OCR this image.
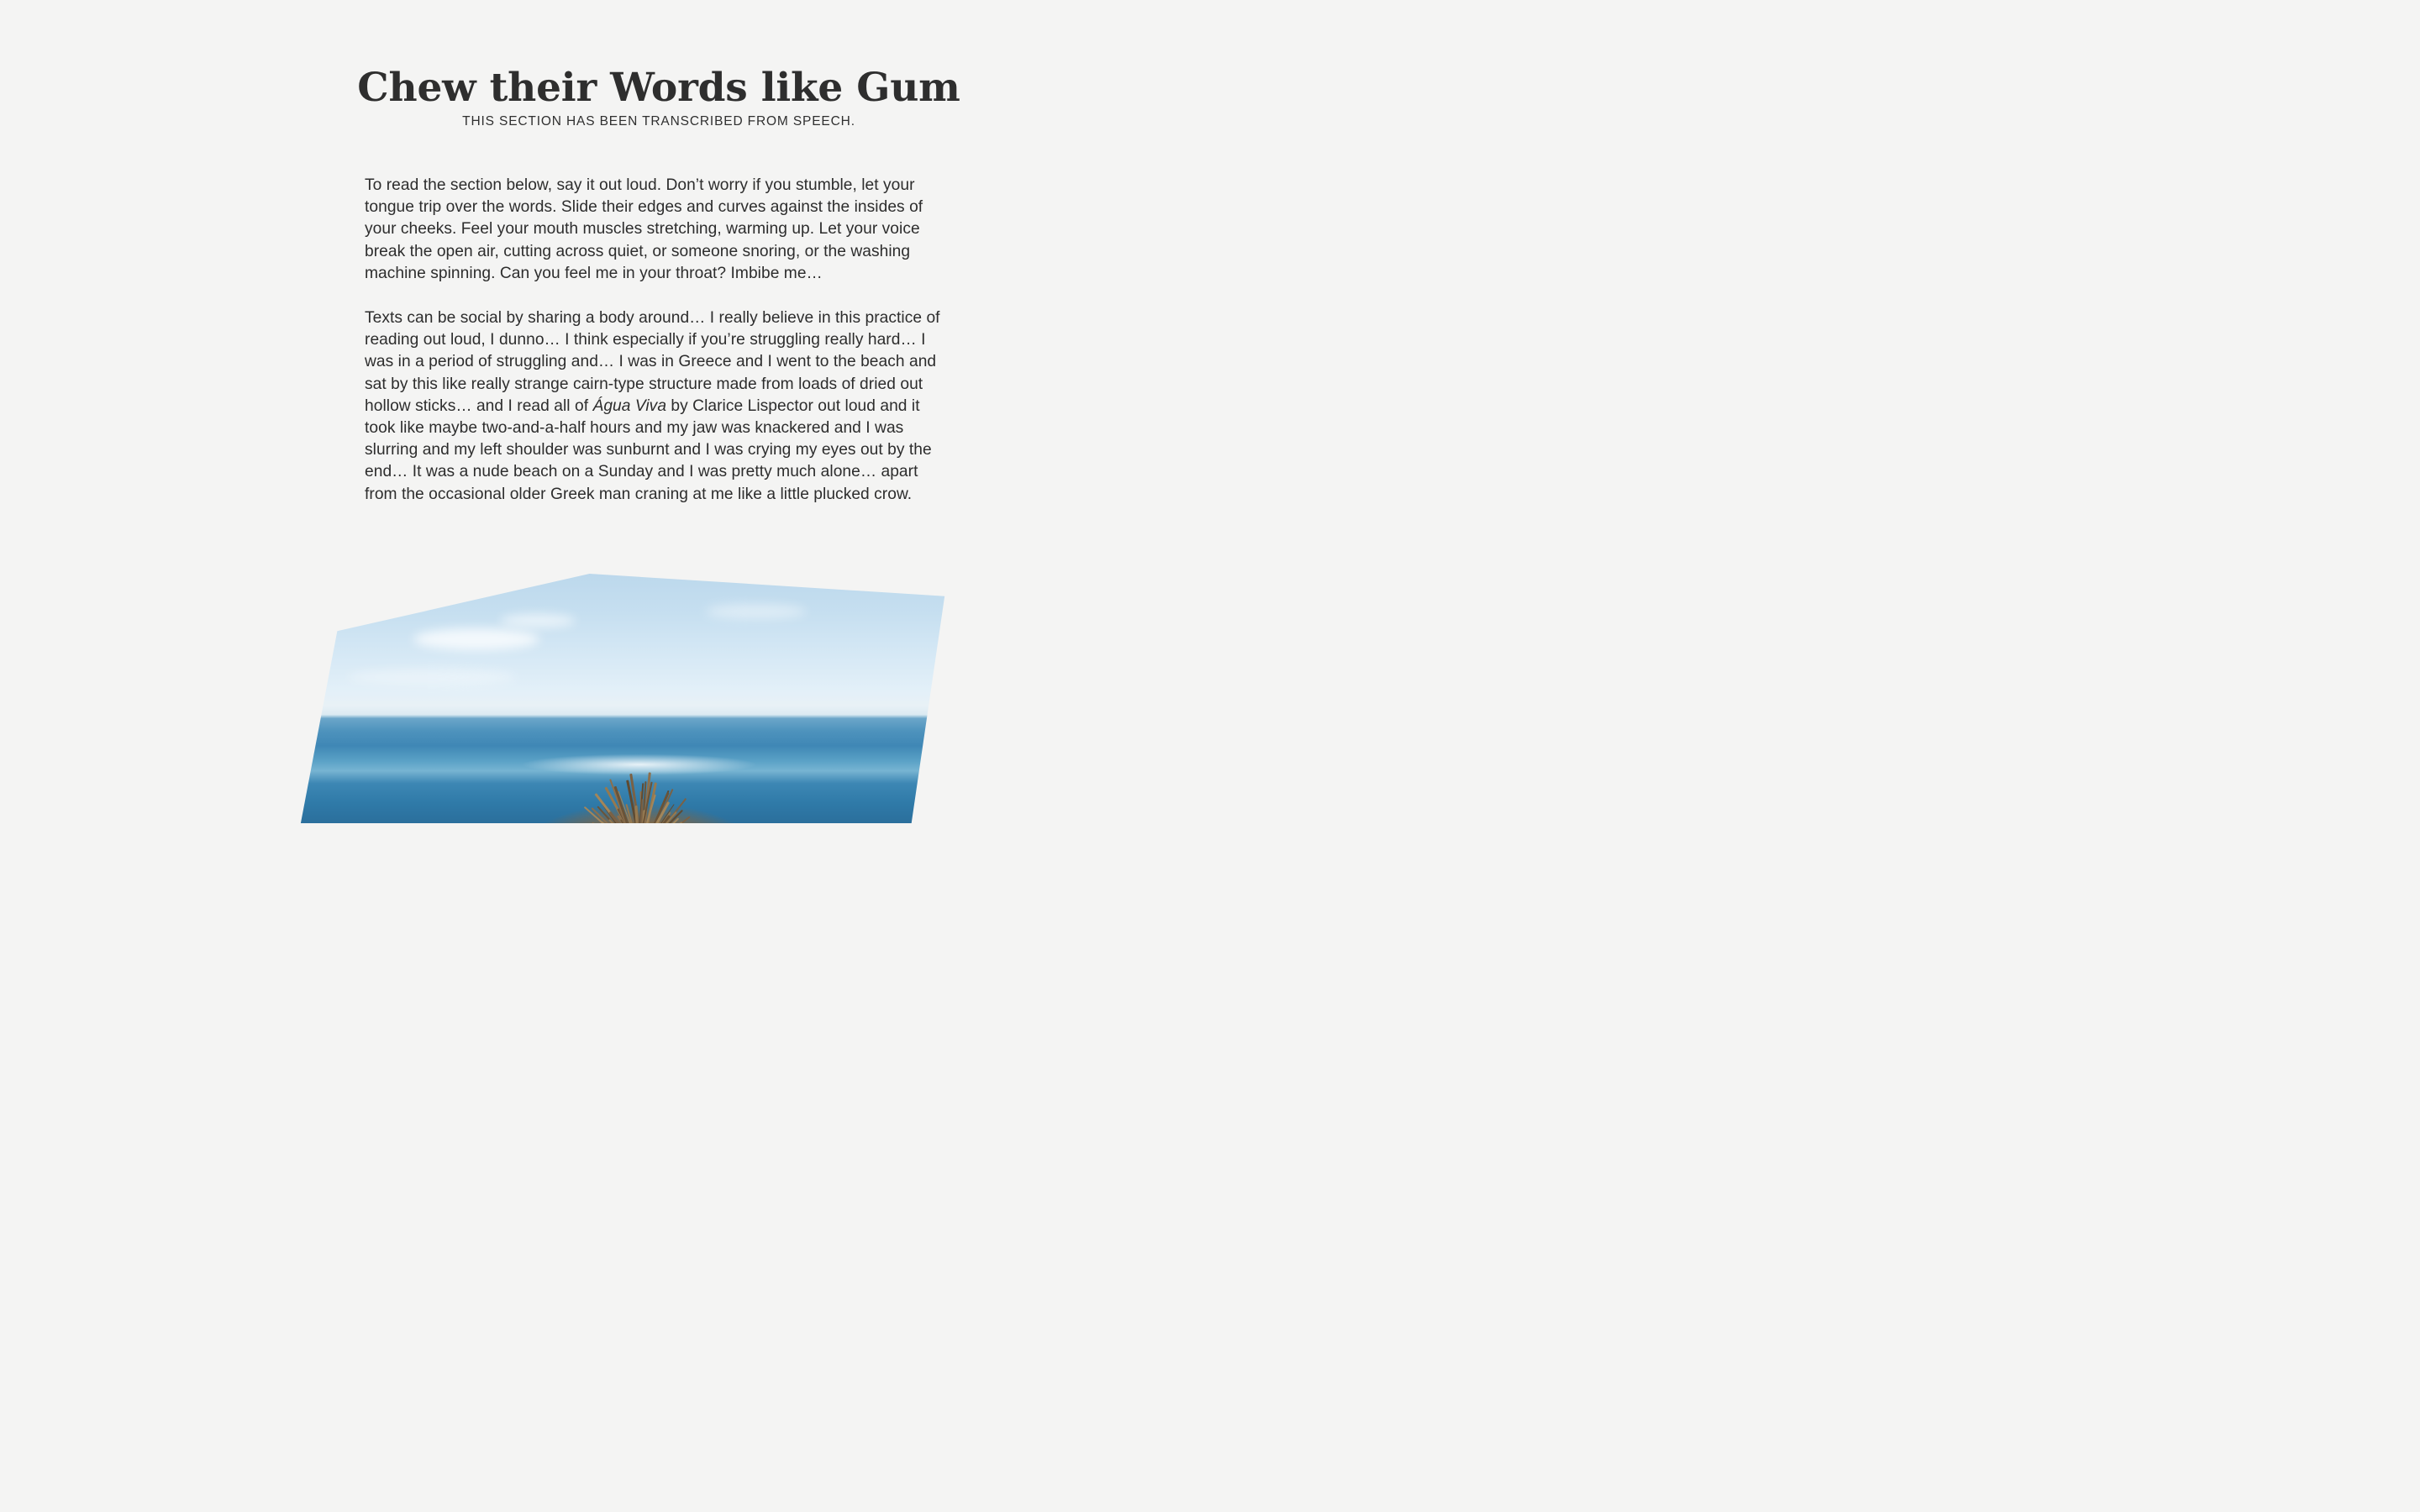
Chew their Words like Gum
THIS SECTION HAS BEEN TRANSCRIBED FROM SPEECH.

To read the section below, say it out loud. Don’t worry if you stumble, let your tongue trip over the words. Slide their edges and curves against the insides of your cheeks. Feel your mouth muscles stretching, warming up. Let your voice break the open air, cutting across quiet, or someone snoring, or the washing machine spinning. Can you feel me in your throat? Imbibe me…

Texts can be social by sharing a body around… I really believe in this practice of reading out loud, I dunno… I think especially if you’re struggling really hard… I was in a period of struggling and… I was in Greece and I went to the beach and sat by this like really strange cairn-type structure made from loads of dried out hollow sticks… and I read all of Água Viva by Clarice Lispector out loud and it took like maybe two-and-a-half hours and my jaw was knackered and I was slurring and my left shoulder was sunburnt and I was crying my eyes out by the end… It was a nude beach on a Sunday and I was pretty much alone… apart from the occasional older Greek man craning at me like a little plucked crow.
